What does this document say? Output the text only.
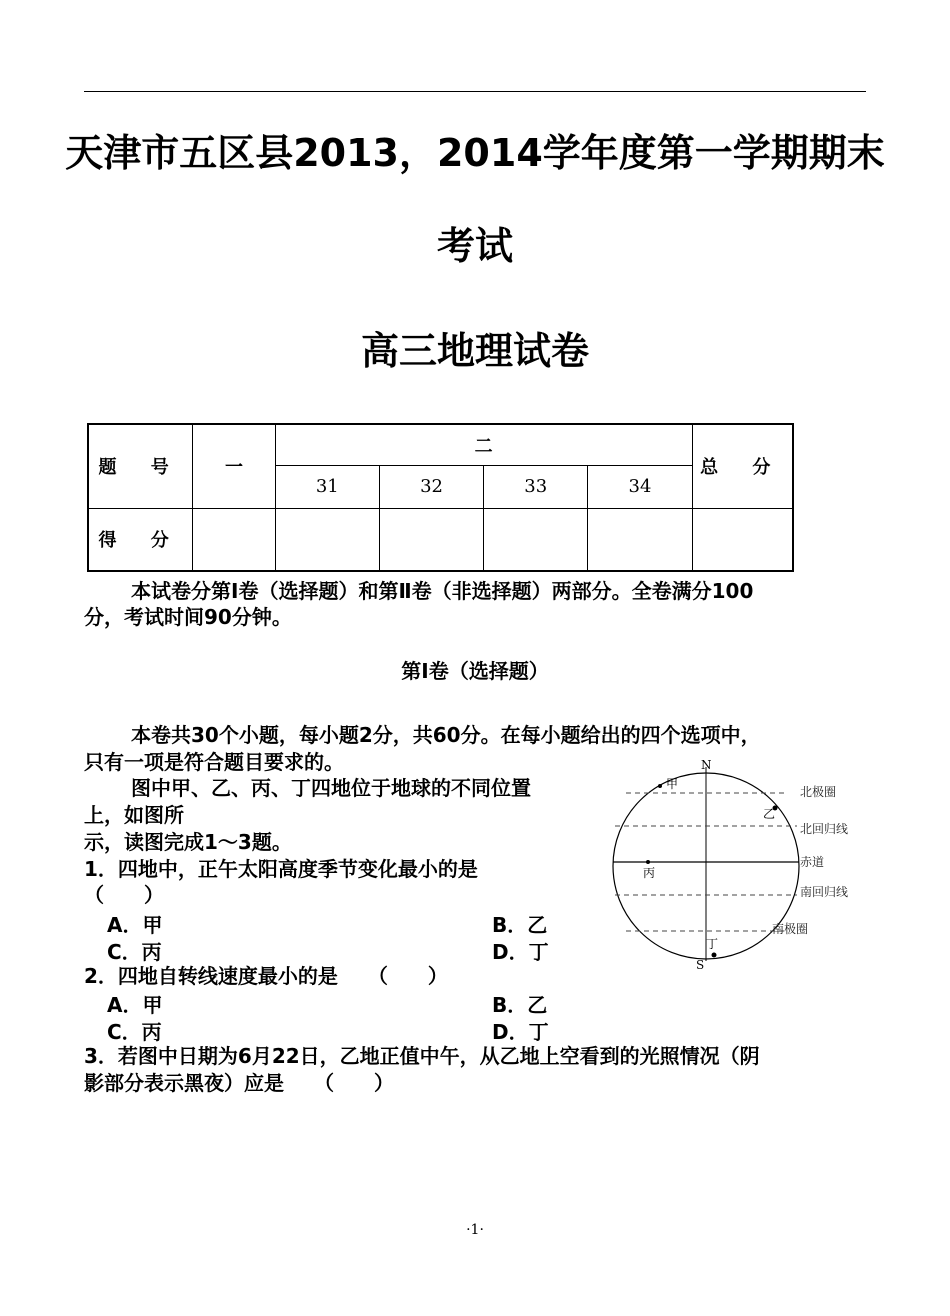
天津市五区县2013，2014学年度第一学期期末
考试
高三地理试卷
题 号	一	二				总 分
		31	32	33	34	
得 分						
本试卷分第Ⅰ卷（选择题）和第Ⅱ卷（非选择题）两部分。全卷满分100
分，考试时间90分钟。
第Ⅰ卷（选择题）
本卷共30个小题，每小题2分，共60分。在每小题给出的四个选项中，
只有一项是符合题目要求的。
图中甲、乙、丙、丁四地位于地球的不同位置
上，如图所
示，读图完成1～3题。
1．四地中，正午太阳高度季节变化最小的是
（　　）
A．甲	B．乙
C．丙	D．丁
2．四地自转线速度最小的是　　（　　）
A．甲	B．乙
C．丙	D．丁
3．若图中日期为6月22日，乙地正值中午，从乙地上空看到的光照情况（阴
影部分表示黑夜）应是　　（　　）
N
S
北极圈
北回归线
赤道
南回归线
南极圈
甲
乙
丙
丁
·1·
